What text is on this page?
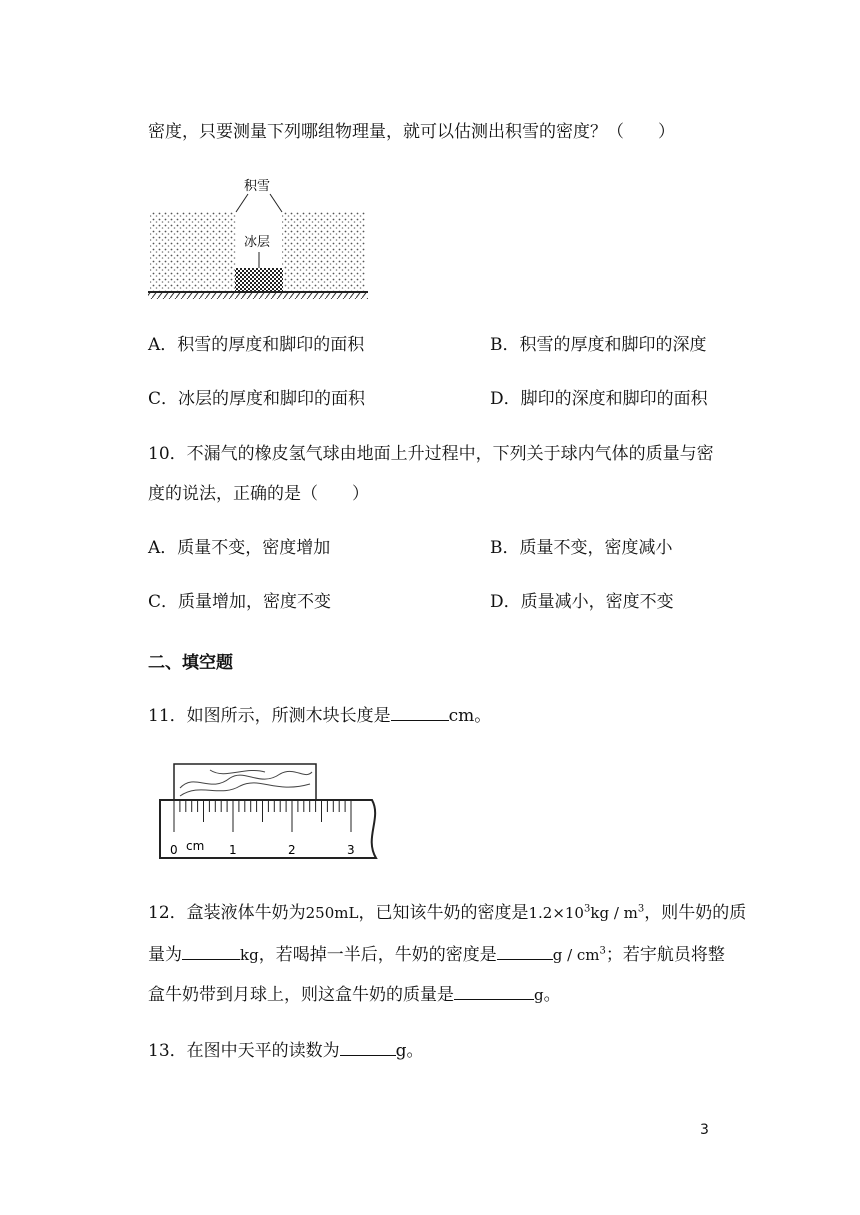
密度，只要测量下列哪组物理量，就可以估测出积雪的密度？（　　）
积雪
冰层
A．积雪的厚度和脚印的面积	B．积雪的厚度和脚印的深度
C．冰层的厚度和脚印的面积	D．脚印的深度和脚印的面积
10．不漏气的橡皮氢气球由地面上升过程中，下列关于球内气体的质量与密
度的说法，正确的是（　　）
A．质量不变，密度增加	B．质量不变，密度减小
C．质量增加，密度不变	D．质量减小，密度不变
二、填空题
11．如图所示，所测木块长度是	cm。
0 cm 1	2	3
12．盒装液体牛奶为250mL，已知该牛奶的密度是$1.2\times 10^3kg / m^3$，则牛奶的质
量为	kg，若喝掉一半后，牛奶的密度是	g / $cm^3$；若宇航员将整
盒牛奶带到月球上，则这盒牛奶的质量是	g。
13．在图中天平的读数为	g。
3
